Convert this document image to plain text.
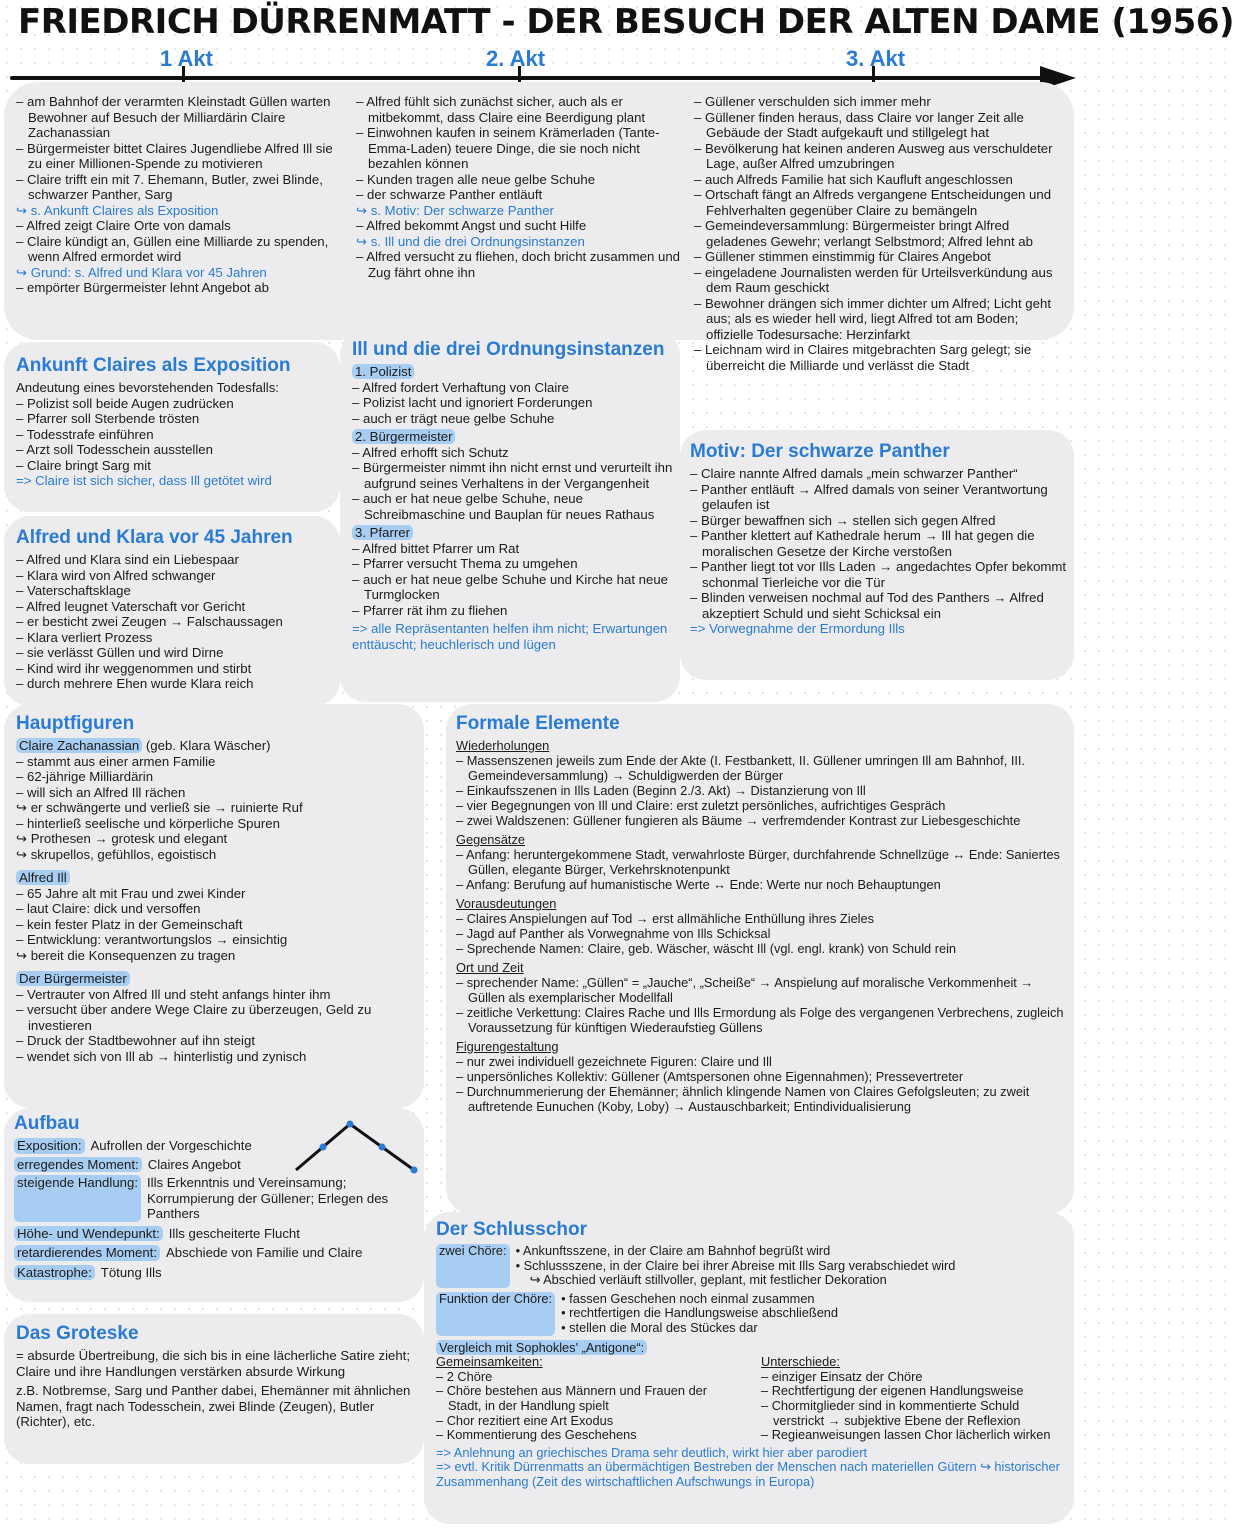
FRIEDRICH DÜRRENMATT - DER BESUCH DER ALTEN DAME (1956)
1 Akt	2. Akt	3. Akt
– am Bahnhof der verarmten Kleinstadt Güllen warten Bewohner auf Besuch der Milliardärin Claire Zachanassian
– Bürgermeister bittet Claires Jugendliebe Alfred Ill sie zu einer Millionen-Spende zu motivieren
– Claire trifft ein mit 7. Ehemann, Butler, zwei Blinde, schwarzer Panther, Sarg
↪ s. Ankunft Claires als Exposition
– Alfred zeigt Claire Orte von damals
– Claire kündigt an, Güllen eine Milliarde zu spenden, wenn Alfred ermordet wird
↪ Grund: s. Alfred und Klara vor 45 Jahren
– empörter Bürgermeister lehnt Angebot ab
– Alfred fühlt sich zunächst sicher, auch als er mitbekommt, dass Claire eine Beerdigung plant
– Einwohnen kaufen in seinem Krämerladen (Tante-Emma-Laden) teuere Dinge, die sie noch nicht bezahlen können
– Kunden tragen alle neue gelbe Schuhe
– der schwarze Panther entläuft
↪ s. Motiv: Der schwarze Panther
– Alfred bekommt Angst und sucht Hilfe
↪ s. Ill und die drei Ordnungsinstanzen
– Alfred versucht zu fliehen, doch bricht zusammen und Zug fährt ohne ihn
– Güllener verschulden sich immer mehr
– Güllener finden heraus, dass Claire vor langer Zeit alle Gebäude der Stadt aufgekauft und stillgelegt hat
– Bevölkerung hat keinen anderen Ausweg aus verschuldeter Lage, außer Alfred umzubringen
– auch Alfreds Familie hat sich Kaufluft angeschlossen
– Ortschaft fängt an Alfreds vergangene Entscheidungen und Fehlverhalten gegenüber Claire zu bemängeln
– Gemeindeversammlung: Bürgermeister bringt Alfred geladenes Gewehr; verlangt Selbstmord; Alfred lehnt ab
– Güllener stimmen einstimmig für Claires Angebot
– eingeladene Journalisten werden für Urteilsverkündung aus dem Raum geschickt
– Bewohner drängen sich immer dichter um Alfred; Licht geht aus; als es wieder hell wird, liegt Alfred tot am Boden; offizielle Todesursache: Herzinfarkt
– Leichnam wird in Claires mitgebrachten Sarg gelegt; sie überreicht die Milliarde und verlässt die Stadt
Ankunft Claires als Exposition

Andeutung eines bevorstehenden Todesfalls:

– Polizist soll beide Augen zudrücken
– Pfarrer soll Sterbende trösten
– Todesstrafe einführen
– Arzt soll Todesschein ausstellen
– Claire bringt Sarg mit

=> Claire ist sich sicher, dass Ill getötet wird

Alfred und Klara vor 45 Jahren
– Alfred und Klara sind ein Liebespaar
– Klara wird von Alfred schwanger
– Vaterschaftsklage
– Alfred leugnet Vaterschaft vor Gericht
– er besticht zwei Zeugen → Falschaussagen
– Klara verliert Prozess
– sie verlässt Güllen und wird Dirne
– Kind wird ihr weggenommen und stirbt
– durch mehrere Ehen wurde Klara reich
Ill und die drei Ordnungsinstanzen

1. Polizist

– Alfred fordert Verhaftung von Claire
– Polizist lacht und ignoriert Forderungen
– auch er trägt neue gelbe Schuhe

2. Bürgermeister

– Alfred erhofft sich Schutz
– Bürgermeister nimmt ihn nicht ernst und verurteilt ihn aufgrund seines Verhaltens in der Vergangenheit
– auch er hat neue gelbe Schuhe, neue Schreibmaschine und Bauplan für neues Rathaus

3. Pfarrer

– Alfred bittet Pfarrer um Rat
– Pfarrer versucht Thema zu umgehen
– auch er hat neue gelbe Schuhe und Kirche hat neue Turmglocken
– Pfarrer rät ihm zu fliehen

=> alle Repräsentanten helfen ihm nicht; Erwartungen enttäuscht; heuchlerisch und lügen

Motiv: Der schwarze Panther
– Claire nannte Alfred damals „mein schwarzer Panther“
– Panther entläuft → Alfred damals von seiner Verantwortung gelaufen ist
– Bürger bewaffnen sich → stellen sich gegen Alfred
– Panther klettert auf Kathedrale herum → Ill hat gegen die moralischen Gesetze der Kirche verstoßen
– Panther liegt tot vor Ills Laden → angedachtes Opfer bekommt schonmal Tierleiche vor die Tür
– Blinden verweisen nochmal auf Tod des Panthers → Alfred akzeptiert Schuld und sieht Schicksal ein

=> Vorwegnahme der Ermordung Ills

Hauptfiguren

Claire Zachanassian (geb. Klara Wäscher)

– stammt aus einer armen Familie
– 62-jährige Milliardärin
– will sich an Alfred Ill rächen
↪ er schwängerte und verließ sie → ruinierte Ruf
– hinterließ seelische und körperliche Spuren
↪ Prothesen → grotesk und elegant
↪ skrupellos, gefühllos, egoistisch

Alfred Ill

– 65 Jahre alt mit Frau und zwei Kinder
– laut Claire: dick und versoffen
– kein fester Platz in der Gemeinschaft
– Entwicklung: verantwortungslos → einsichtig
↪ bereit die Konsequenzen zu tragen

Der Bürgermeister

– Vertrauter von Alfred Ill und steht anfangs hinter ihm
– versucht über andere Wege Claire zu überzeugen, Geld zu investieren
– Druck der Stadtbewohner auf ihn steigt
– wendet sich von Ill ab → hinterlistig und zynisch
Aufbau
Exposition: Aufrollen der Vorgeschichte
erregendes Moment: Claires Angebot
steigende Handlung: Ills Erkenntnis und Vereinsamung; Korrumpierung der Güllener; Erlegen des Panthers
Höhe- und Wendepunkt: Ills gescheiterte Flucht
retardierendes Moment: Abschiede von Familie und Claire
Katastrophe: Tötung Ills
Das Groteske

= absurde Übertreibung, die sich bis in eine lächerliche Satire zieht; Claire und ihre Handlungen verstärken absurde Wirkung

z.B. Notbremse, Sarg und Panther dabei, Ehemänner mit ähnlichen Namen, fragt nach Todesschein, zwei Blinde (Zeugen), Butler (Richter), etc.

Formale Elemente

Wiederholungen

– Massenszenen jeweils zum Ende der Akte (I. Festbankett, II. Güllener umringen Ill am Bahnhof, III. Gemeindeversammlung) → Schuldigwerden der Bürger
– Einkaufsszenen in Ills Laden (Beginn 2./3. Akt) → Distanzierung von Ill
– vier Begegnungen von Ill und Claire: erst zuletzt persönliches, aufrichtiges Gespräch
– zwei Waldszenen: Güllener fungieren als Bäume → verfremdender Kontrast zur Liebesgeschichte

Gegensätze

– Anfang: heruntergekommene Stadt, verwahrloste Bürger, durchfahrende Schnellzüge ↔ Ende: Saniertes Güllen, elegante Bürger, Verkehrsknotenpunkt
– Anfang: Berufung auf humanistische Werte ↔ Ende: Werte nur noch Behauptungen

Vorausdeutungen

– Claires Anspielungen auf Tod → erst allmähliche Enthüllung ihres Zieles
– Jagd auf Panther als Vorwegnahme von Ills Schicksal
– Sprechende Namen: Claire, geb. Wäscher, wäscht Ill (vgl. engl. krank) von Schuld rein

Ort und Zeit

– sprechender Name: „Güllen“ = „Jauche“, „Scheiße“ → Anspielung auf moralische Verkommenheit → Güllen als exemplarischer Modellfall
– zeitliche Verkettung: Claires Rache und Ills Ermordung als Folge des vergangenen Verbrechens, zugleich Voraussetzung für künftigen Wiederaufstieg Güllens

Figurengestaltung

– nur zwei individuell gezeichnete Figuren: Claire und Ill
– unpersönliches Kollektiv: Güllener (Amtspersonen ohne Eigennahmen); Pressevertreter
– Durchnummerierung der Ehemänner; ähnlich klingende Namen von Claires Gefolgsleuten; zu zweit auftretende Eunuchen (Koby, Loby) → Austauschbarkeit; Entindividualisierung
Der Schlusschor
zwei Chöre: • Ankunftsszene, in der Claire am Bahnhof begrüßt wird

• Schlussszene, in der Claire bei ihrer Abreise mit Ills Sarg verabschiedet wird

↪ Abschied verläuft stillvoller, geplant, mit festlicher Dekoration

Funktion der Chöre: • fassen Geschehen noch einmal zusammen

• rechtfertigen die Handlungsweise abschließend

• stellen die Moral des Stückes dar

Vergleich mit Sophokles' „Antigone“:

Gemeinsamkeiten:

– 2 Chöre
– Chöre bestehen aus Männern und Frauen der Stadt, in der Handlung spielt
– Chor rezitiert eine Art Exodus
– Kommentierung des Geschehens

Unterschiede:

– einziger Einsatz der Chöre
– Rechtfertigung der eigenen Handlungsweise
– Chormitglieder sind in kommentierte Schuld verstrickt → subjektive Ebene der Reflexion
– Regieanweisungen lassen Chor lächerlich wirken

=> Anlehnung an griechisches Drama sehr deutlich, wirkt hier aber parodiert

=> evtl. Kritik Dürrenmatts an übermächtigen Bestreben der Menschen nach materiellen Gütern ↪ historischer Zusammenhang (Zeit des wirtschaftlichen Aufschwungs in Europa)
